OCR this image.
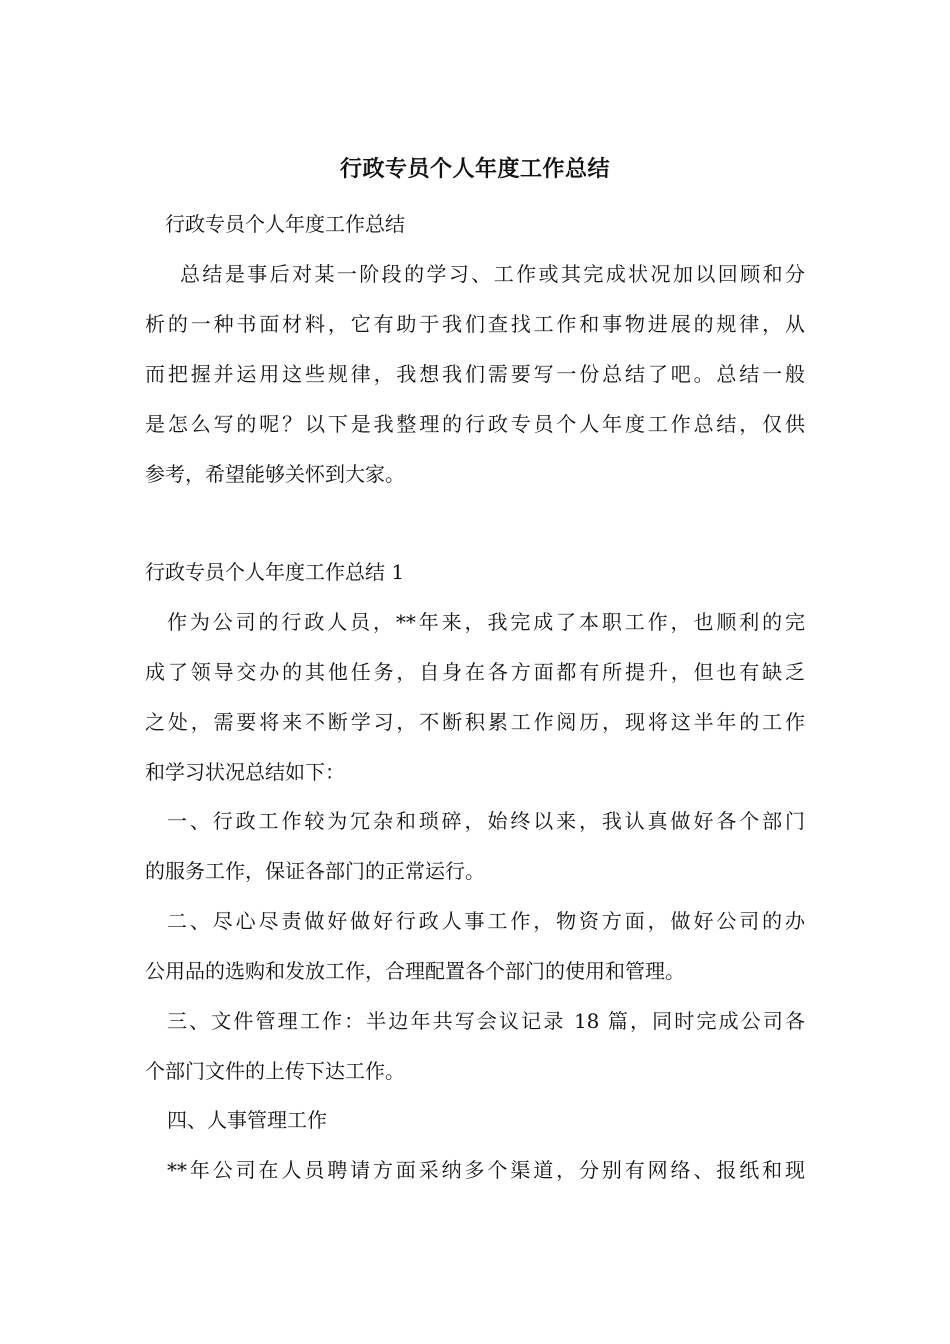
行政专员个人年度工作总结
行政专员个人年度工作总结
总结是事后对某一阶段的学习、工作或其完成状况加以回顾和分
析的一种书面材料，它有助于我们查找工作和事物进展的规律，从
而把握并运用这些规律，我想我们需要写一份总结了吧。总结一般
是怎么写的呢？以下是我整理的行政专员个人年度工作总结，仅供
参考，希望能够关怀到大家。
行政专员个人年度工作总结 1
作为公司的行政人员，**年来，我完成了本职工作，也顺利的完
成了领导交办的其他任务，自身在各方面都有所提升，但也有缺乏
之处，需要将来不断学习，不断积累工作阅历，现将这半年的工作
和学习状况总结如下：
一、行政工作较为冗杂和琐碎，始终以来，我认真做好各个部门
的服务工作，保证各部门的正常运行。
二、尽心尽责做好做好行政人事工作，物资方面，做好公司的办
公用品的选购和发放工作，合理配置各个部门的使用和管理。
三、文件管理工作：半边年共写会议记录 18 篇，同时完成公司各
个部门文件的上传下达工作。
四、人事管理工作
**年公司在人员聘请方面采纳多个渠道，分别有网络、报纸和现
